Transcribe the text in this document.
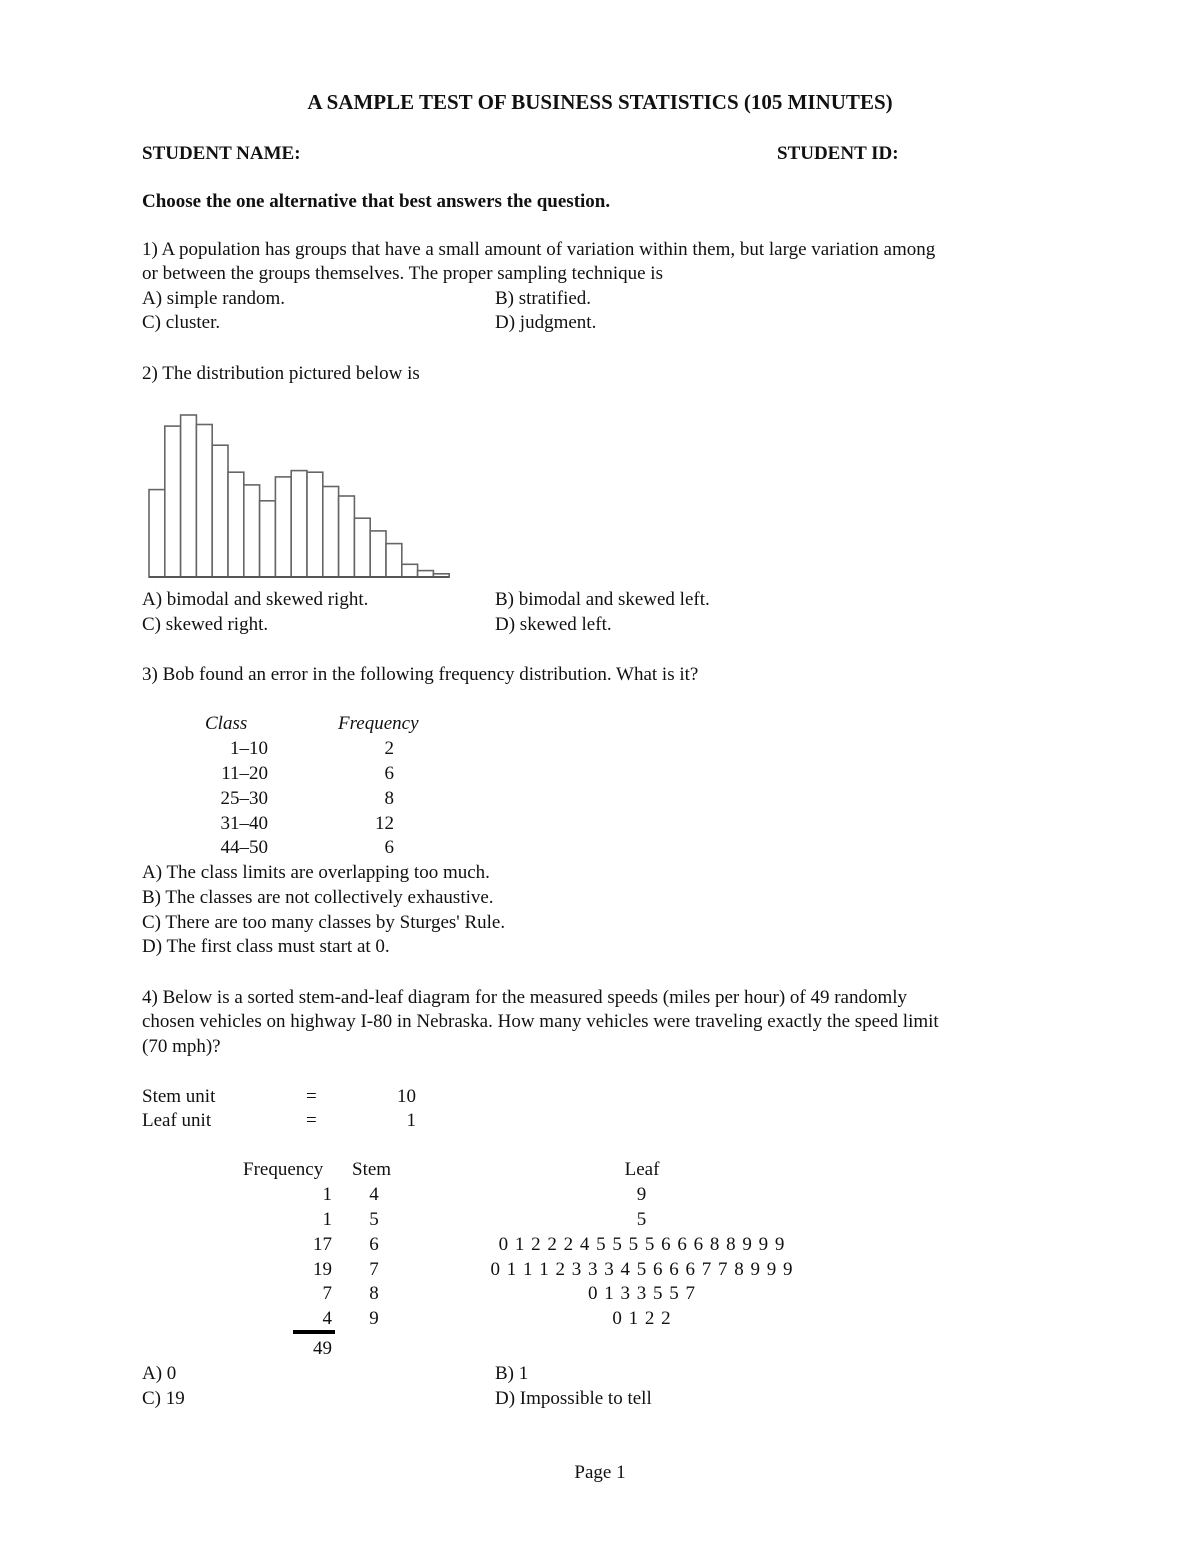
A SAMPLE TEST OF BUSINESS STATISTICS (105 MINUTES)
STUDENT NAME:	STUDENT ID:
Choose the one alternative that best answers the question.
1) A population has groups that have a small amount of variation within them, but large variation among
or between the groups themselves. The proper sampling technique is
A) simple random.	B) stratified.
C) cluster.	D) judgment.
2) The distribution pictured below is
A) bimodal and skewed right.	B) bimodal and skewed left.
C) skewed right.	D) skewed left.
3) Bob found an error in the following frequency distribution. What is it?
Class	Frequency
1–10	2
11–20	6
25–30	8
31–40	12
44–50	6
A) The class limits are overlapping too much.
B) The classes are not collectively exhaustive.
C) There are too many classes by Sturges' Rule.
D) The first class must start at 0.
4) Below is a sorted stem-and-leaf diagram for the measured speeds (miles per hour) of 49 randomly
chosen vehicles on highway I-80 in Nebraska. How many vehicles were traveling exactly the speed limit
(70 mph)?
Stem unit	=	10
Leaf unit	=	1
Frequency Stem	Leaf
1	4	9
1	5	5
17	6	0 1 2 2 2 4 5 5 5 5 6 6 6 8 8 9 9 9
19	7	0 1 1 1 2 3 3 3 4 5 6 6 6 7 7 8 9 9 9
7	8	0 1 3 3 5 5 7
4	9	0 1 2 2
49
A) 0	B) 1
C) 19	D) Impossible to tell
Page 1
